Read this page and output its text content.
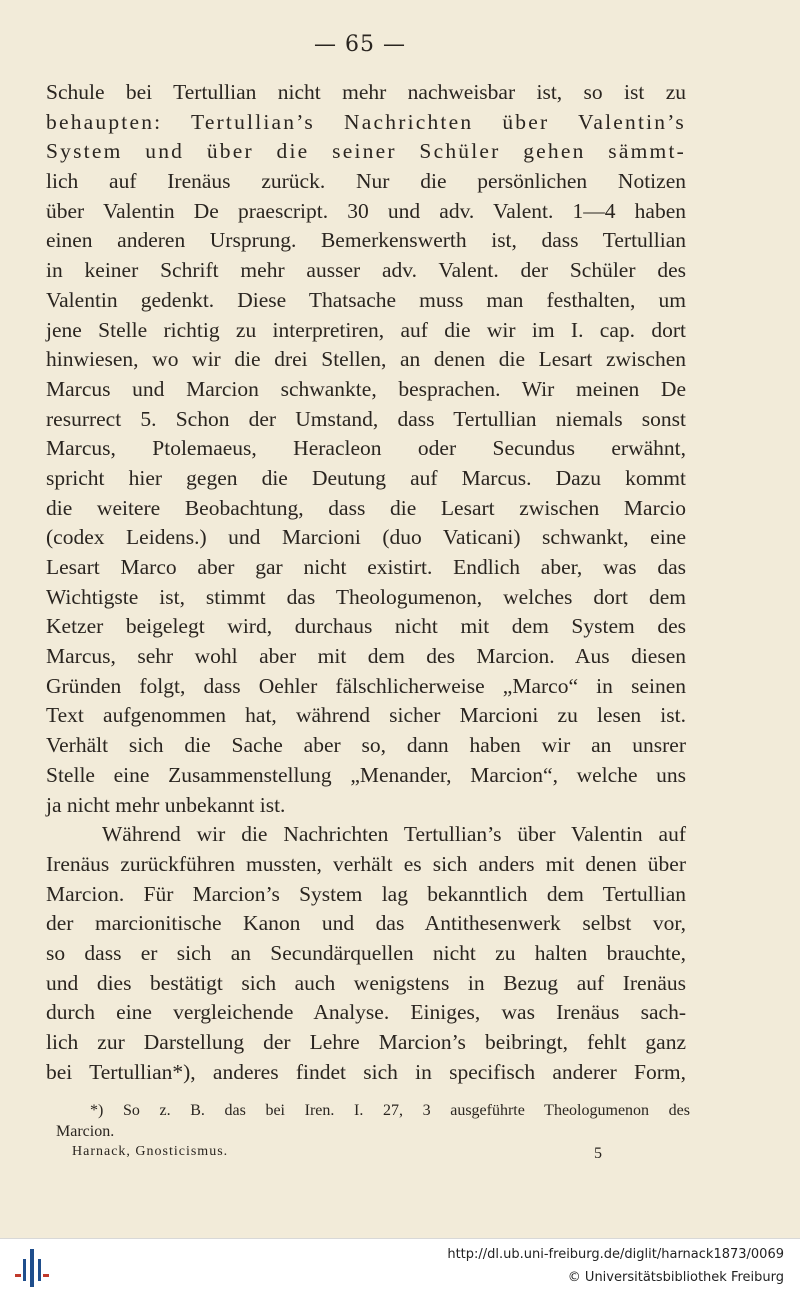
— 65 —
Schule bei Tertullian nicht mehr nachweisbar ist, so ist zu
behaupten: Tertullian’s Nachrichten über Valentin’s
System und über die seiner Schüler gehen sämmt-
lich auf Irenäus zurück. Nur die persönlichen Notizen
über Valentin De praescript. 30 und adv. Valent. 1—4 haben
einen anderen Ursprung. Bemerkenswerth ist, dass Tertullian
in keiner Schrift mehr ausser adv. Valent. der Schüler des
Valentin gedenkt. Diese Thatsache muss man festhalten, um
jene Stelle richtig zu interpretiren, auf die wir im I. cap. dort
hinwiesen, wo wir die drei Stellen, an denen die Lesart zwischen
Marcus und Marcion schwankte, besprachen. Wir meinen De
resurrect 5. Schon der Umstand, dass Tertullian niemals sonst
Marcus, Ptolemaeus, Heracleon oder Secundus erwähnt,
spricht hier gegen die Deutung auf Marcus. Dazu kommt
die weitere Beobachtung, dass die Lesart zwischen Marcio
(codex Leidens.) und Marcioni (duo Vaticani) schwankt, eine
Lesart Marco aber gar nicht existirt. Endlich aber, was das
Wichtigste ist, stimmt das Theologumenon, welches dort dem
Ketzer beigelegt wird, durchaus nicht mit dem System des
Marcus, sehr wohl aber mit dem des Marcion. Aus diesen
Gründen folgt, dass Oehler fälschlicherweise „Marco“ in seinen
Text aufgenommen hat, während sicher Marcioni zu lesen ist.
Verhält sich die Sache aber so, dann haben wir an unsrer
Stelle eine Zusammenstellung „Menander, Marcion“, welche uns
ja nicht mehr unbekannt ist.
Während wir die Nachrichten Tertullian’s über Valentin auf
Irenäus zurückführen mussten, verhält es sich anders mit denen über
Marcion. Für Marcion’s System lag bekanntlich dem Tertullian
der marcionitische Kanon und das Antithesenwerk selbst vor,
so dass er sich an Secundärquellen nicht zu halten brauchte,
und dies bestätigt sich auch wenigstens in Bezug auf Irenäus
durch eine vergleichende Analyse. Einiges, was Irenäus sach-
lich zur Darstellung der Lehre Marcion’s beibringt, fehlt ganz
bei Tertullian*), anderes findet sich in specifisch anderer Form,
*) So z. B. das bei Iren. I. 27, 3 ausgeführte Theologumenon des
Marcion.
Harnack, Gnosticismus.	5
http://dl.ub.uni-freiburg.de/diglit/harnack1873/0069
© Universitätsbibliothek Freiburg
